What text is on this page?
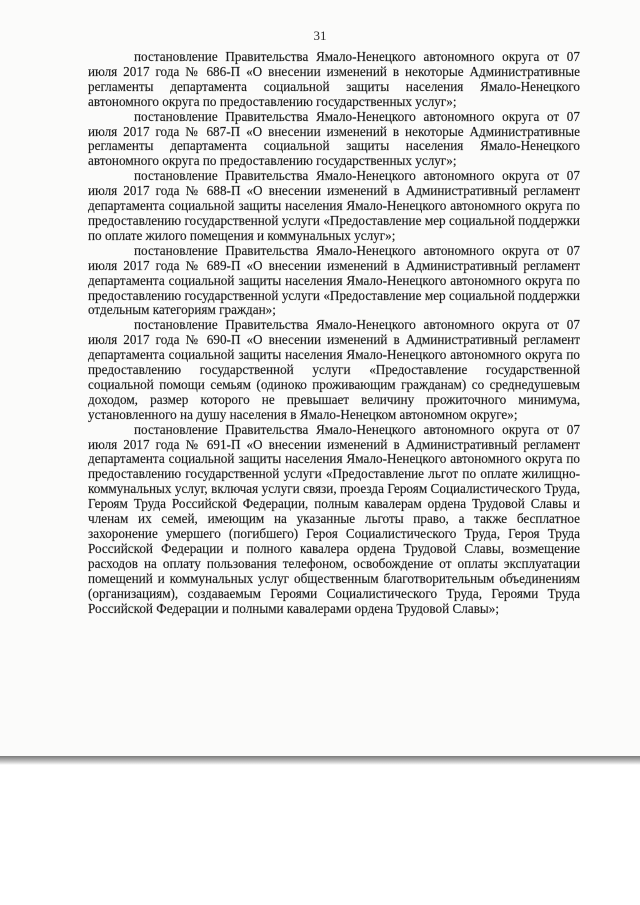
31

постановление Правительства Ямало-Ненецкого автономного округа от 07 июля 2017 года № 686-П «О внесении изменений в некоторые Административные регламенты департамента социальной защиты населения Ямало-Ненецкого автономного округа по предоставлению государственных услуг»;

постановление Правительства Ямало-Ненецкого автономного округа от 07 июля 2017 года № 687-П «О внесении изменений в некоторые Административные регламенты департамента социальной защиты населения Ямало-Ненецкого автономного округа по предоставлению государственных услуг»;

постановление Правительства Ямало-Ненецкого автономного округа от 07 июля 2017 года № 688-П «О внесении изменений в Административный регламент департамента социальной защиты населения Ямало-Ненецкого автономного округа по предоставлению государственной услуги «Предоставление мер социальной поддержки по оплате жилого помещения и коммунальных услуг»;

постановление Правительства Ямало-Ненецкого автономного округа от 07 июля 2017 года № 689-П «О внесении изменений в Административный регламент департамента социальной защиты населения Ямало-Ненецкого автономного округа по предоставлению государственной услуги «Предоставление мер социальной поддержки отдельным категориям граждан»;

постановление Правительства Ямало-Ненецкого автономного округа от 07 июля 2017 года № 690-П «О внесении изменений в Административный регламент департамента социальной защиты населения Ямало-Ненецкого автономного округа по предоставлению государственной услуги «Предоставление государственной социальной помощи семьям (одиноко проживающим гражданам) со среднедушевым доходом, размер которого не превышает величину прожиточного минимума, установленного на душу населения в Ямало-Ненецком автономном округе»;

постановление Правительства Ямало-Ненецкого автономного округа от 07 июля 2017 года № 691-П «О внесении изменений в Административный регламент департамента социальной защиты населения Ямало-Ненецкого автономного округа по предоставлению государственной услуги «Предоставление льгот по оплате жилищно-коммунальных услуг, включая услуги связи, проезда Героям Социалистического Труда, Героям Труда Российской Федерации, полным кавалерам ордена Трудовой Славы и членам их семей, имеющим на указанные льготы право, а также бесплатное захоронение умершего (погибшего) Героя Социалистического Труда, Героя Труда Российской Федерации и полного кавалера ордена Трудовой Славы, возмещение расходов на оплату пользования телефоном, освобождение от оплаты эксплуатации помещений и коммунальных услуг общественным благотворительным объединениям (организациям), создаваемым Героями Социалистического Труда, Героями Труда Российской Федерации и полными кавалерами ордена Трудовой Славы»;
